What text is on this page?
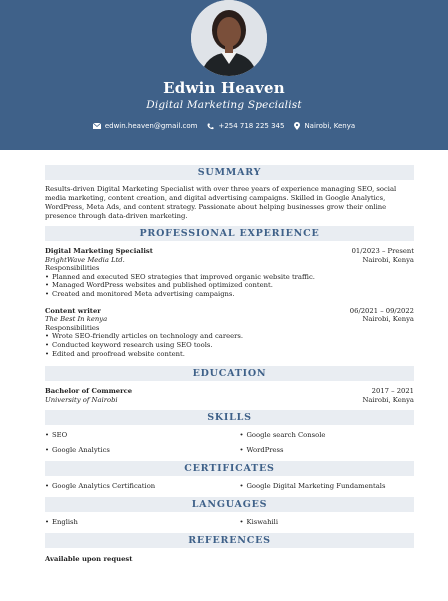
Edwin Heaven
Digital Marketing Specialist
edwin.heaven@gmail.com	+254 718 225 345	Nairobi, Kenya
SUMMARY

Results-driven Digital Marketing Specialist with over three years of experience managing SEO, social media marketing, content creation, and digital advertising campaigns. Skilled in Google Analytics, WordPress, Meta Ads, and content strategy. Passionate about helping businesses grow their online presence through data-driven marketing.

PROFESSIONAL EXPERIENCE
Digital Marketing Specialist	01/2023 – Present
BrightWave Media Ltd.	Nairobi, Kenya
Responsibilities
• Planned and executed SEO strategies that improved organic website traffic.
• Managed WordPress websites and published optimized content.
• Created and monitored Meta advertising campaigns.
Content writer	06/2021 – 09/2022
The Best In kenya	Nairobi, Kenya
Responsibilities
• Wrote SEO-friendly articles on technology and careers.
• Conducted keyword research using SEO tools.
• Edited and proofread website content.
EDUCATION
Bachelor of Commerce	2017 – 2021
University of Nairobi	Nairobi, Kenya
SKILLS
• SEO	• Google search Console
• Google Analytics	• WordPress
CERTIFICATES
• Google Analytics Certification	• Google Digital Marketing Fundamentals
LANGUAGES
• English	• Kiswahili
REFERENCES
Available upon request
